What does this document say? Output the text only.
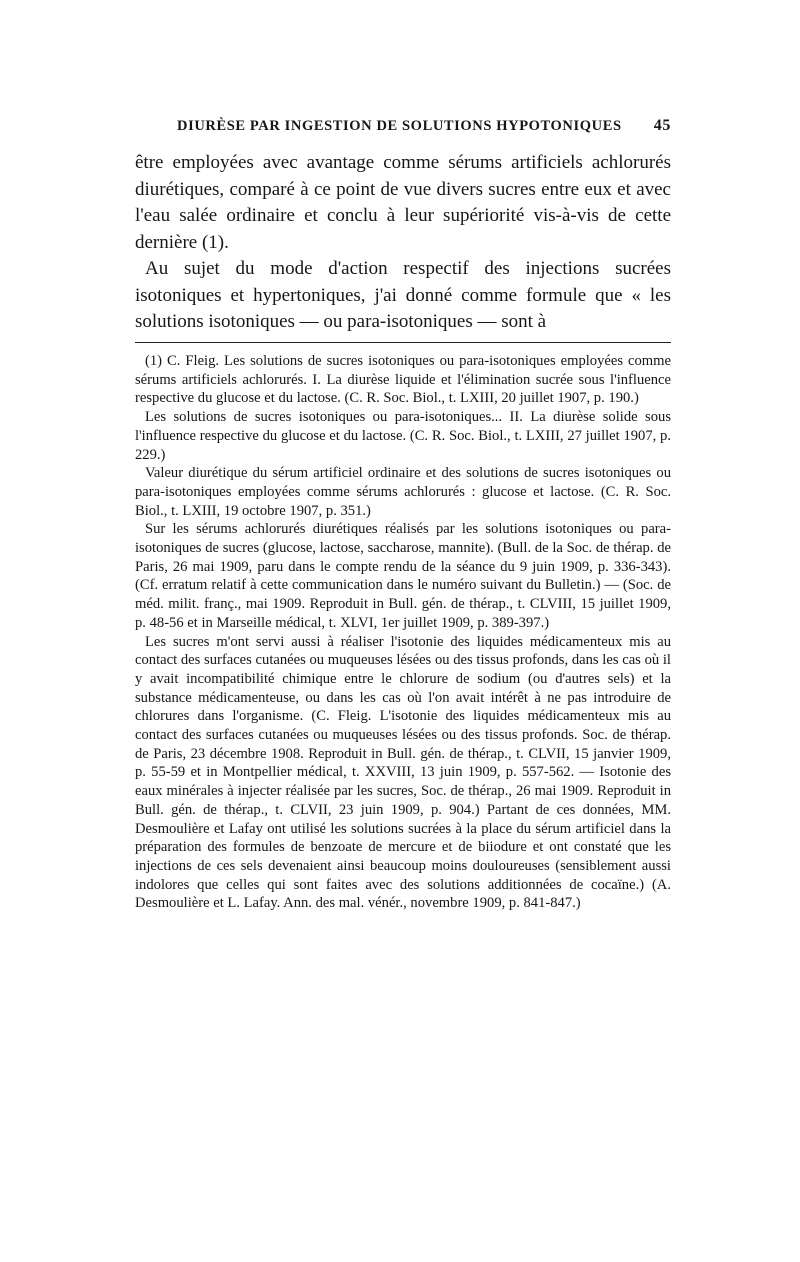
DIURÈSE PAR INGESTION DE SOLUTIONS HYPOTONIQUES 45

être employées avec avantage comme sérums artificiels achlorurés diurétiques, comparé à ce point de vue divers sucres entre eux et avec l'eau salée ordinaire et conclu à leur supériorité vis-à-vis de cette dernière (1).

Au sujet du mode d'action respectif des injections sucrées isotoniques et hypertoniques, j'ai donné comme formule que « les solutions isotoniques — ou para-isotoniques — sont à

(1) C. Fleig. Les solutions de sucres isotoniques ou para-isotoniques employées comme sérums artificiels achlorurés. I. La diurèse liquide et l'élimination sucrée sous l'influence respective du glucose et du lactose. (C. R. Soc. Biol., t. LXIII, 20 juillet 1907, p. 190.)

Les solutions de sucres isotoniques ou para-isotoniques... II. La diurèse solide sous l'influence respective du glucose et du lactose. (C. R. Soc. Biol., t. LXIII, 27 juillet 1907, p. 229.)

Valeur diurétique du sérum artificiel ordinaire et des solutions de sucres isotoniques ou para-isotoniques employées comme sérums achlorurés : glucose et lactose. (C. R. Soc. Biol., t. LXIII, 19 octobre 1907, p. 351.)

Sur les sérums achlorurés diurétiques réalisés par les solutions isotoniques ou para-isotoniques de sucres (glucose, lactose, saccharose, mannite). (Bull. de la Soc. de thérap. de Paris, 26 mai 1909, paru dans le compte rendu de la séance du 9 juin 1909, p. 336-343). (Cf. erratum relatif à cette communication dans le numéro suivant du Bulletin.) — (Soc. de méd. milit. franç., mai 1909. Reproduit in Bull. gén. de thérap., t. CLVIII, 15 juillet 1909, p. 48-56 et in Marseille médical, t. XLVI, 1er juillet 1909, p. 389-397.)

Les sucres m'ont servi aussi à réaliser l'isotonie des liquides médicamenteux mis au contact des surfaces cutanées ou muqueuses lésées ou des tissus profonds, dans les cas où il y avait incompatibilité chimique entre le chlorure de sodium (ou d'autres sels) et la substance médicamenteuse, ou dans les cas où l'on avait intérêt à ne pas introduire de chlorures dans l'organisme. (C. Fleig. L'isotonie des liquides médicamenteux mis au contact des surfaces cutanées ou muqueuses lésées ou des tissus profonds. Soc. de thérap. de Paris, 23 décembre 1908. Reproduit in Bull. gén. de thérap., t. CLVII, 15 janvier 1909, p. 55-59 et in Montpellier médical, t. XXVIII, 13 juin 1909, p. 557-562. — Isotonie des eaux minérales à injecter réalisée par les sucres, Soc. de thérap., 26 mai 1909. Reproduit in Bull. gén. de thérap., t. CLVII, 23 juin 1909, p. 904.) Partant de ces données, MM. Desmoulière et Lafay ont utilisé les solutions sucrées à la place du sérum artificiel dans la préparation des formules de benzoate de mercure et de biiodure et ont constaté que les injections de ces sels devenaient ainsi beaucoup moins douloureuses (sensiblement aussi indolores que celles qui sont faites avec des solutions additionnées de cocaïne.) (A. Desmoulière et L. Lafay. Ann. des mal. vénér., novembre 1909, p. 841-847.)
